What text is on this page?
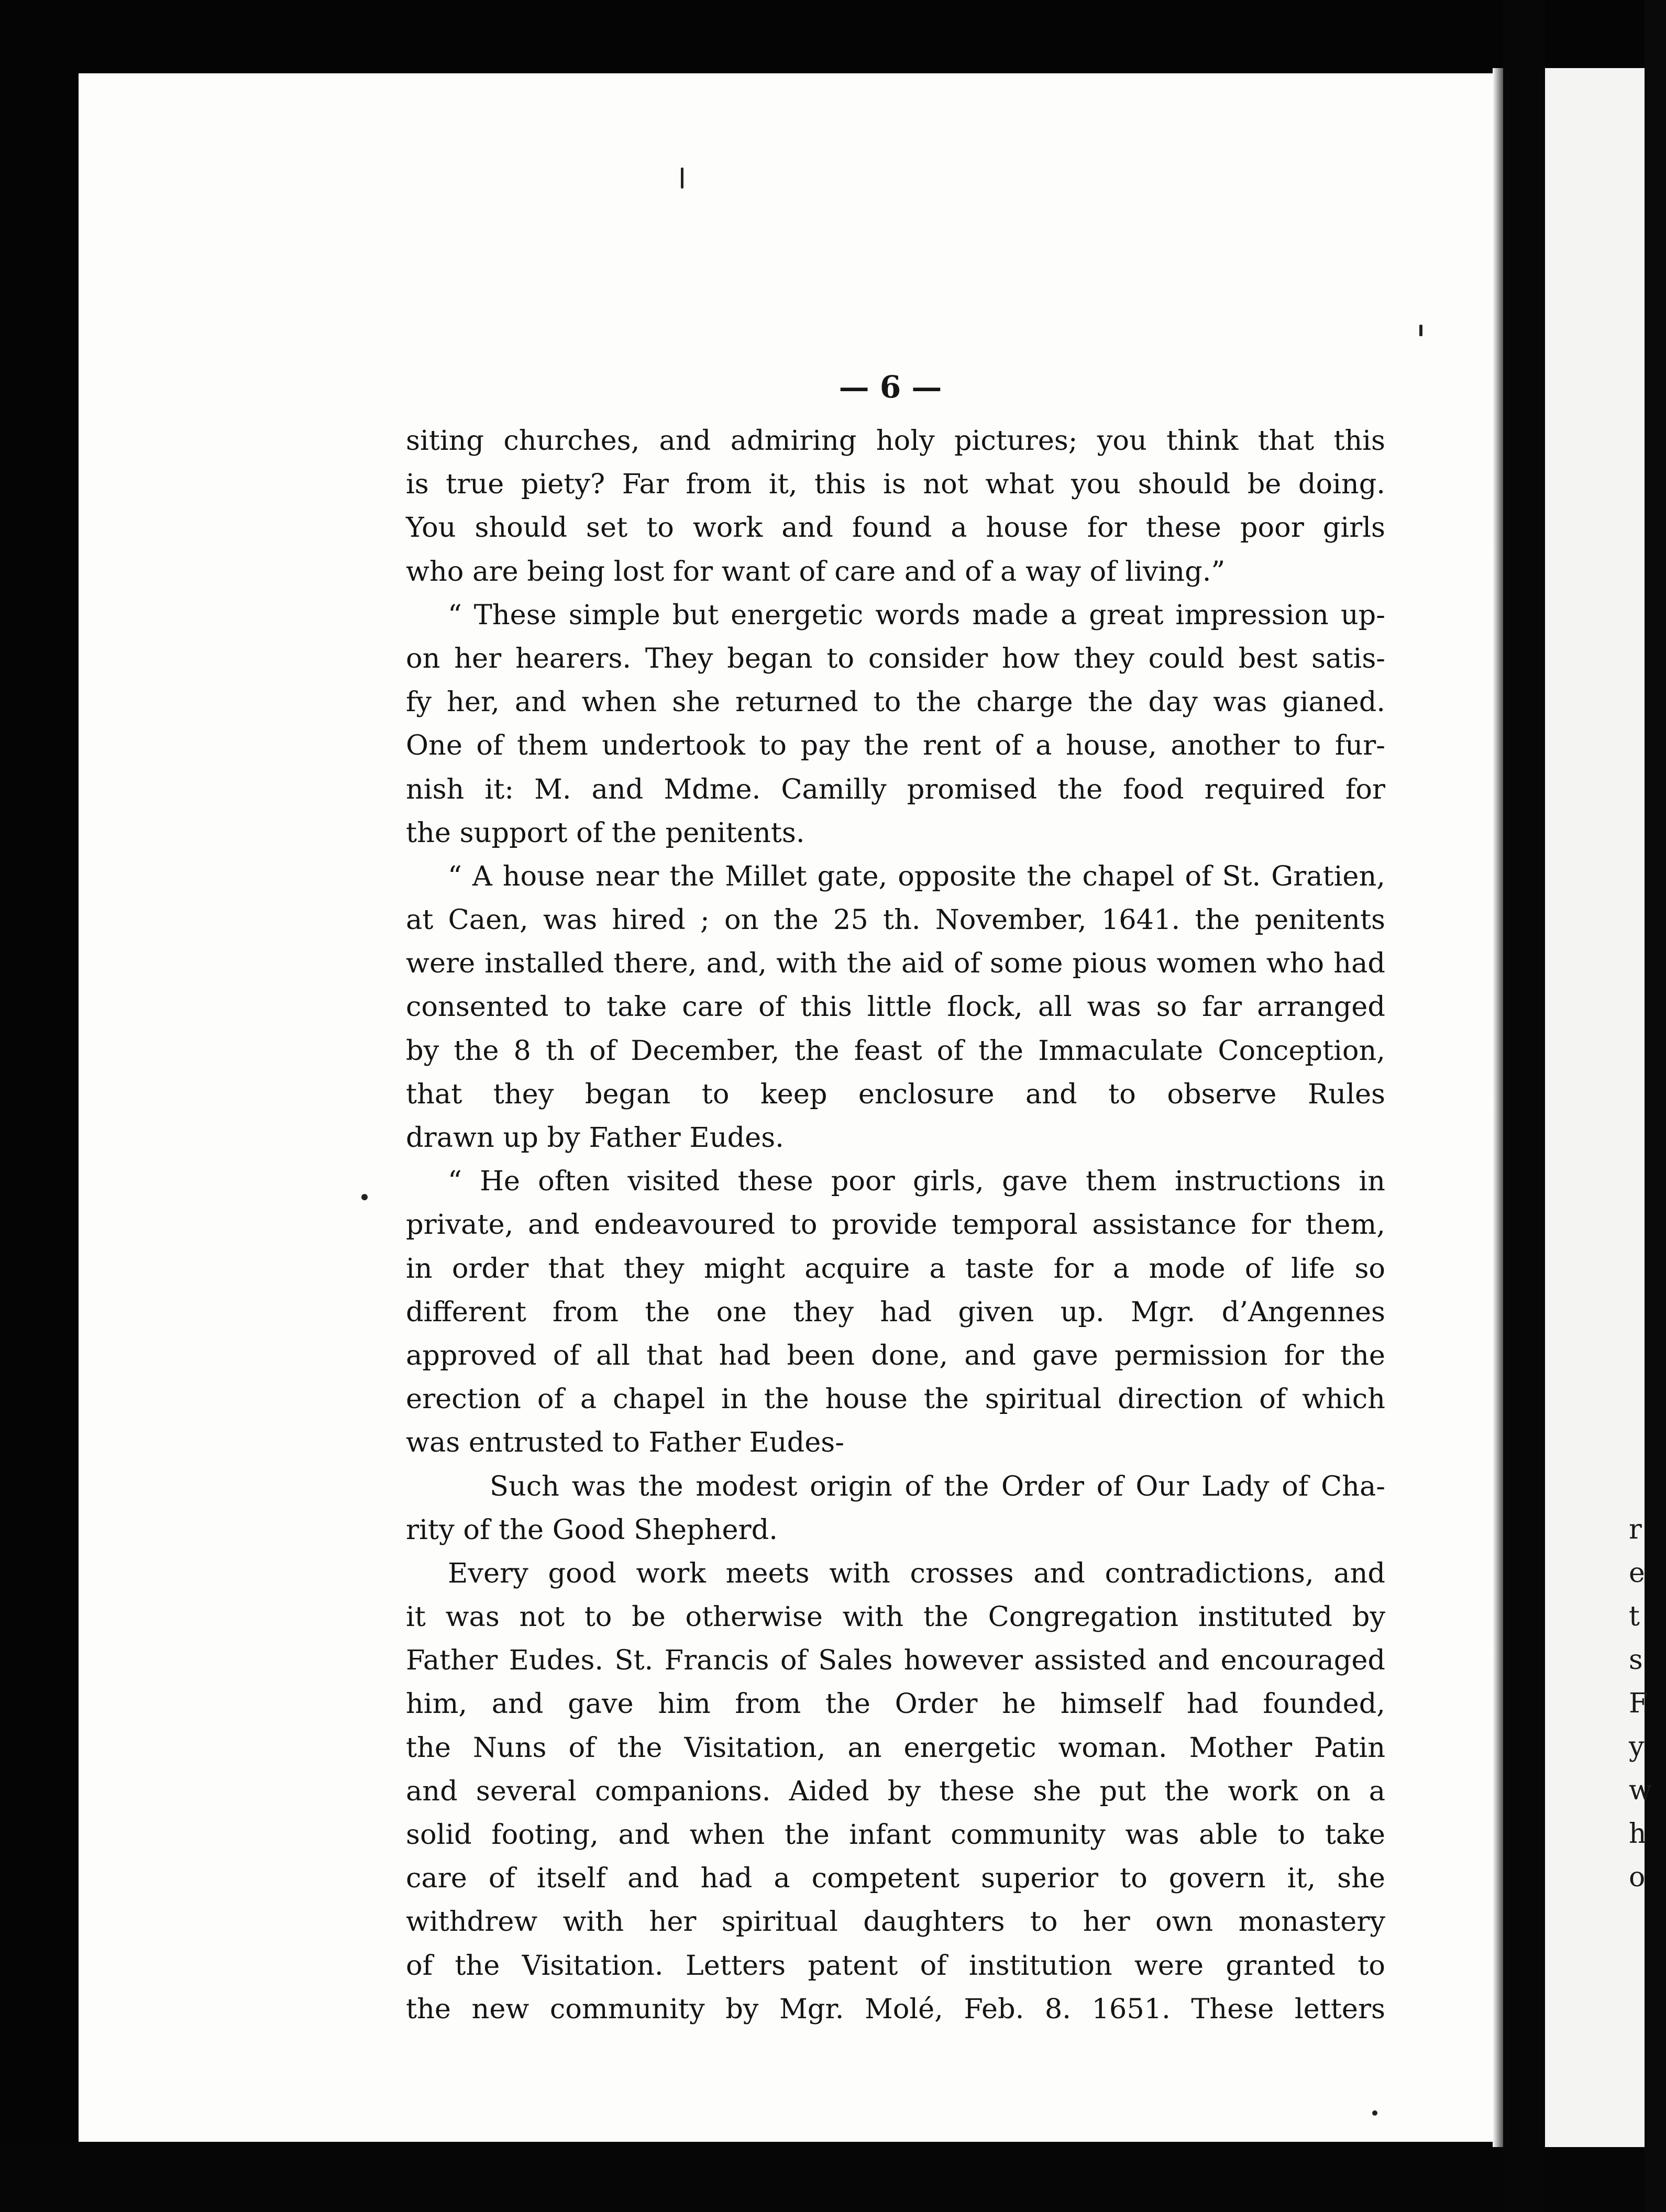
— 6 —
siting churches, and admiring holy pictures; you think that this
is true piety? Far from it, this is not what you should be doing.
You should set to work and found a house for these poor girls
who are being lost for want of care and of a way of living.”
“ These simple but energetic words made a great impression up-
on her hearers. They began to consider how they could best satis-
fy her, and when she returned to the charge the day was gianed.
One of them undertook to pay the rent of a house, another to fur-
nish it: M. and Mdme. Camilly promised the food required for
the support of the penitents.
“ A house near the Millet gate, opposite the chapel of St. Gratien,
at Caen, was hired ; on the 25 th. November, 1641. the penitents
were installed there, and, with the aid of some pious women who had
consented to take care of this little flock, all was so far arranged
by the 8 th of December, the feast of the Immaculate Conception,
that they began to keep enclosure and to observe Rules
drawn up by Father Eudes.
“ He often visited these poor girls, gave them instructions in
private, and endeavoured to provide temporal assistance for them,
in order that they might acquire a taste for a mode of life so
different from the one they had given up. Mgr. d’Angennes
approved of all that had been done, and gave permission for the
erection of a chapel in the house the spiritual direction of which
was entrusted to Father Eudes-
Such was the modest origin of the Order of Our Lady of Cha-
rity of the Good Shepherd.
Every good work meets with crosses and contradictions, and
it was not to be otherwise with the Congregation instituted by
Father Eudes. St. Francis of Sales however assisted and encouraged
him, and gave him from the Order he himself had founded,
the Nuns of the Visitation, an energetic woman. Mother Patin
and several companions. Aided by these she put the work on a
solid footing, and when the infant community was able to take
care of itself and had a competent superior to govern it, she
withdrew with her spiritual daughters to her own monastery
of the Visitation. Letters patent of institution were granted to
the new community by Mgr. Molé, Feb. 8. 1651. These letters
r
e
t
s
F
y
w
h
o
